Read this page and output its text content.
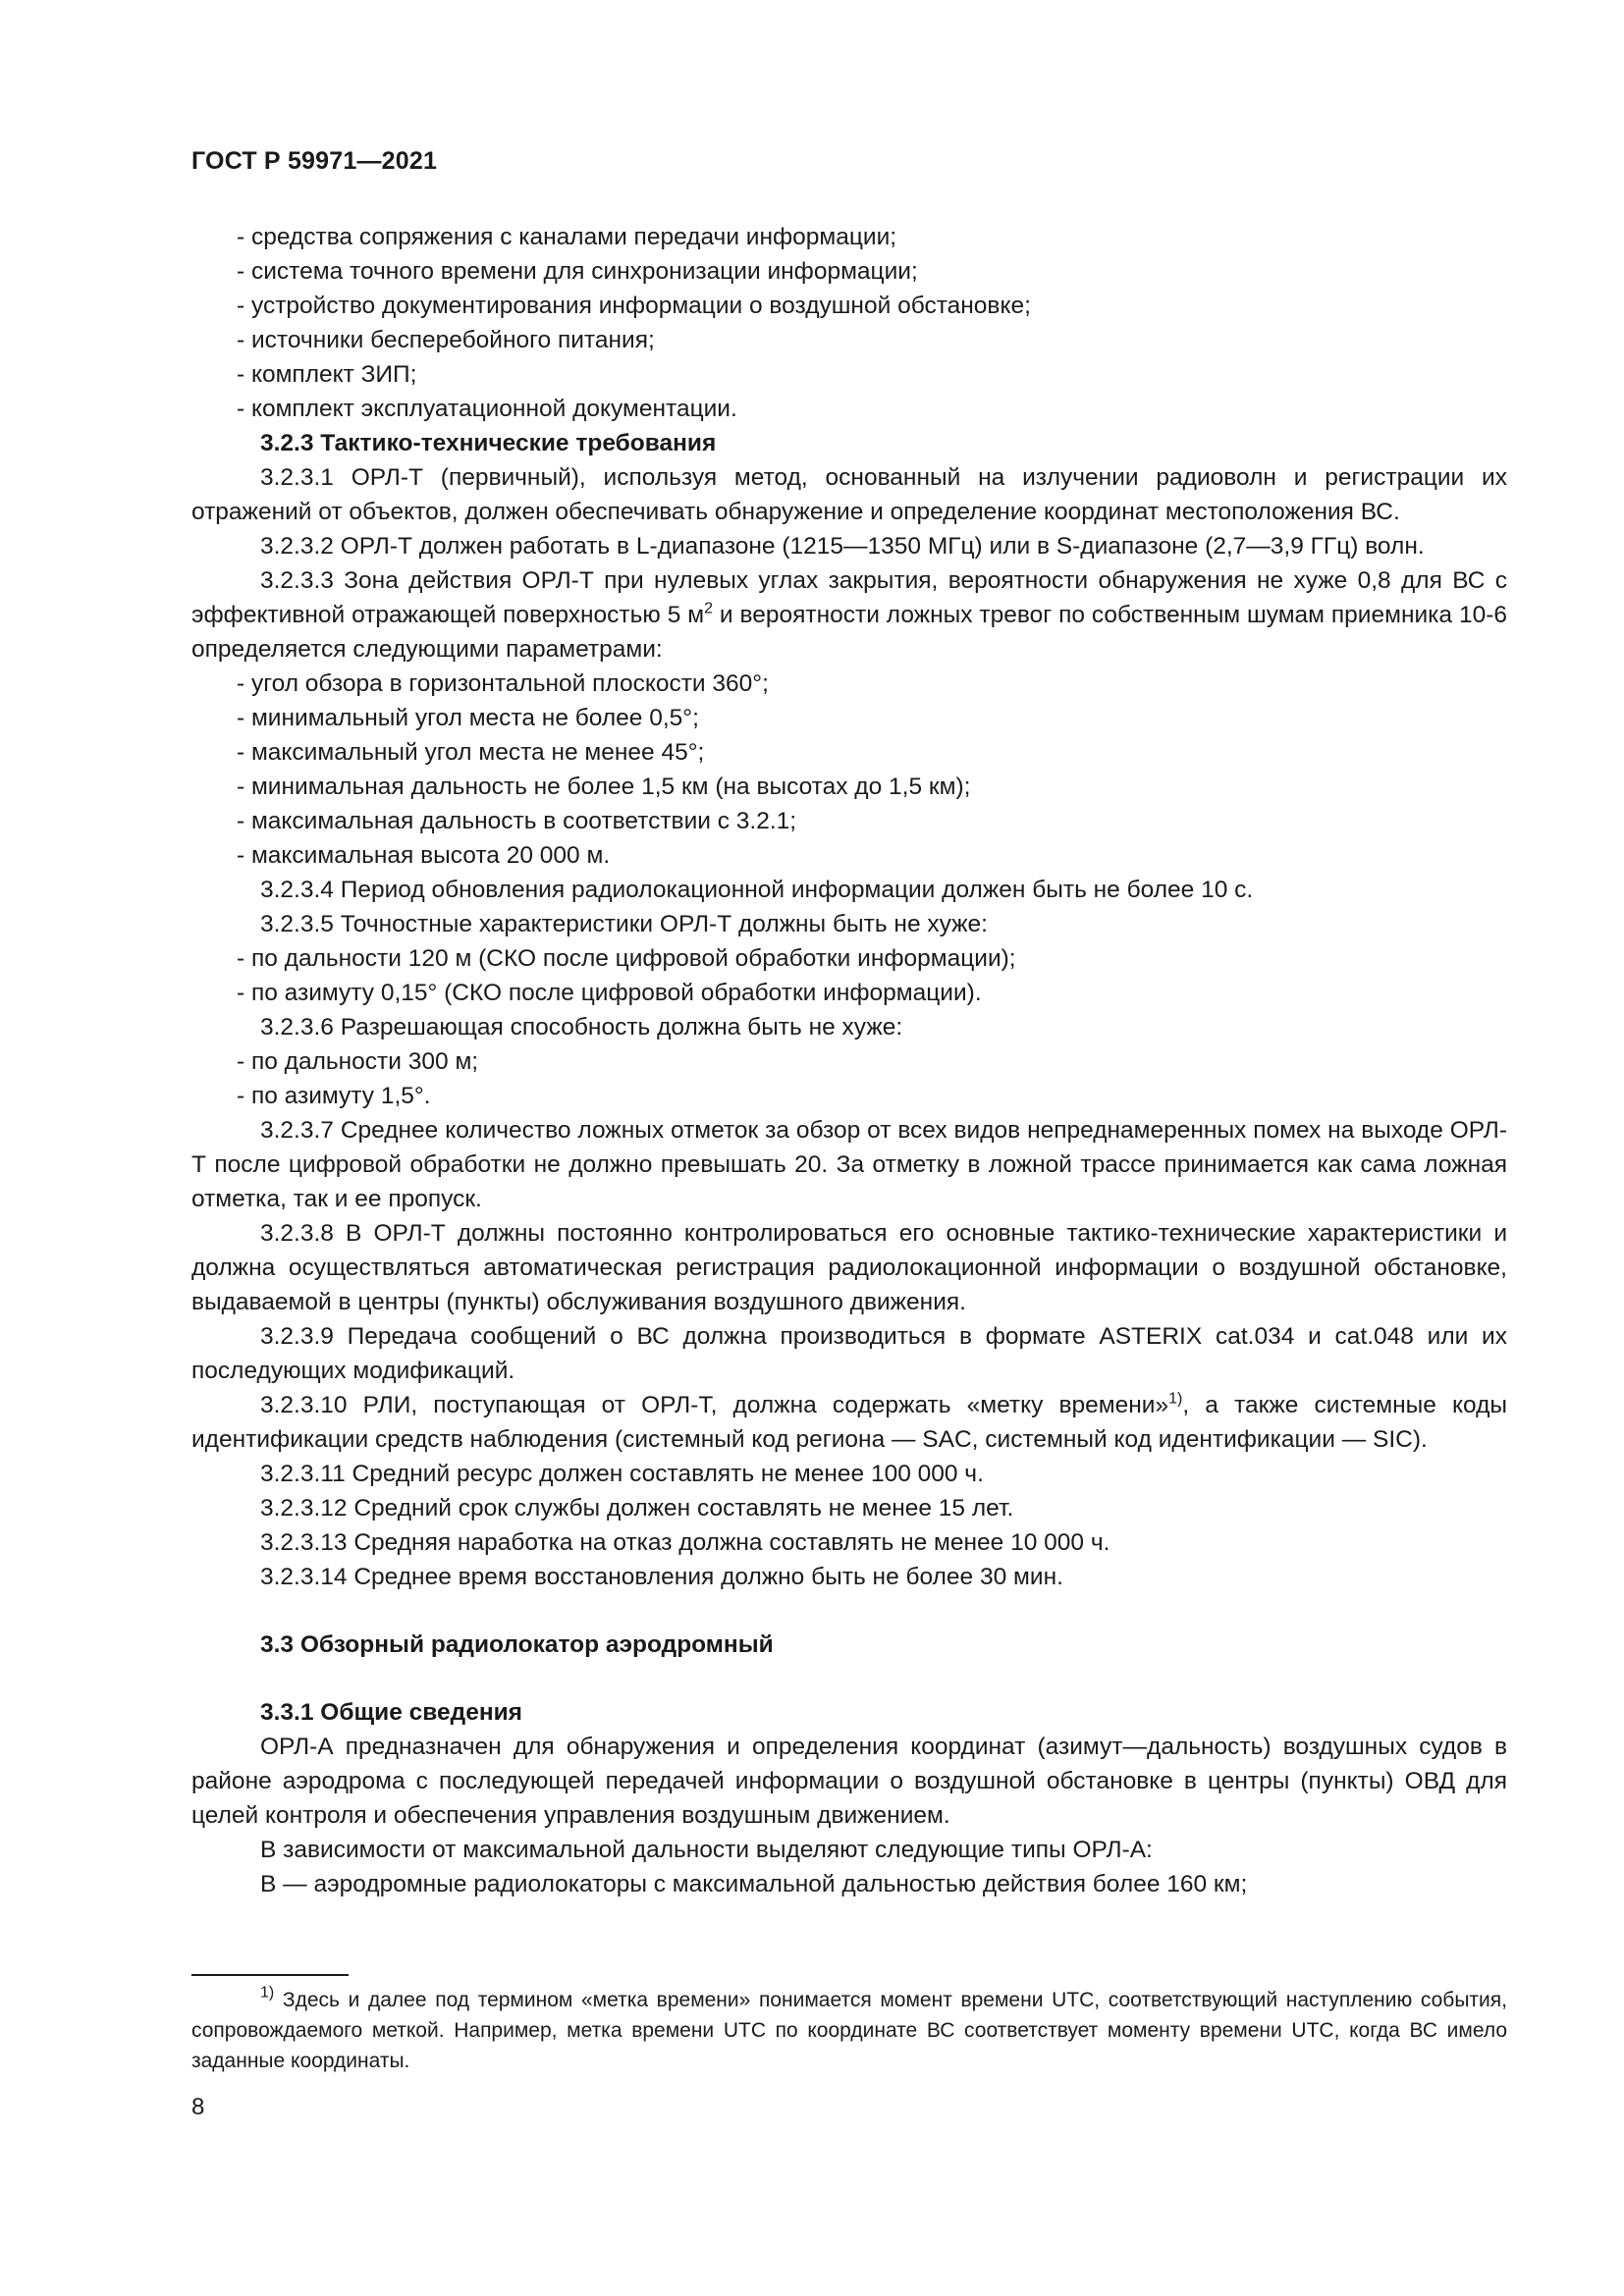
ГОСТ Р 59971—2021

- средства сопряжения с каналами передачи информации;

- система точного времени для синхронизации информации;

- устройство документирования информации о воздушной обстановке;

- источники бесперебойного питания;

- комплект ЗИП;

- комплект эксплуатационной документации.

3.2.3 Тактико-технические требования

3.2.3.1 ОРЛ-Т (первичный), используя метод, основанный на излучении радиоволн и регистрации их отражений от объектов, должен обеспечивать обнаружение и определение координат местоположения ВС.

3.2.3.2 ОРЛ-Т должен работать в L-диапазоне (1215—1350 МГц) или в S-диапазоне (2,7—3,9 ГГц) волн.

3.2.3.3 Зона действия ОРЛ-Т при нулевых углах закрытия, вероятности обнаружения не хуже 0,8 для ВС с эффективной отражающей поверхностью 5 $м^2$ и вероятности ложных тревог по собственным шумам приемника 10-6 определяется следующими параметрами:

- угол обзора в горизонтальной плоскости 360°;

- минимальный угол места не более 0,5°;

- максимальный угол места не менее 45°;

- минимальная дальность не более 1,5 км (на высотах до 1,5 км);

- максимальная дальность в соответствии с 3.2.1;

- максимальная высота 20 000 м.

3.2.3.4 Период обновления радиолокационной информации должен быть не более 10 с.

3.2.3.5 Точностные характеристики ОРЛ-Т должны быть не хуже:

- по дальности 120 м (СКО после цифровой обработки информации);

- по азимуту 0,15° (СКО после цифровой обработки информации).

3.2.3.6 Разрешающая способность должна быть не хуже:

- по дальности 300 м;

- по азимуту 1,5°.

3.2.3.7 Среднее количество ложных отметок за обзор от всех видов непреднамеренных помех на выходе ОРЛ-Т после цифровой обработки не должно превышать 20. За отметку в ложной трассе принимается как сама ложная отметка, так и ее пропуск.

3.2.3.8 В ОРЛ-Т должны постоянно контролироваться его основные тактико-технические характеристики и должна осуществляться автоматическая регистрация радиолокационной информации о воздушной обстановке, выдаваемой в центры (пункты) обслуживания воздушного движения.

3.2.3.9 Передача сообщений о ВС должна производиться в формате ASTERIX cat.034 и cat.048 или их последующих модификаций.

3.2.3.10 РЛИ, поступающая от ОРЛ-Т, должна содержать «метку времени»$^{1)}$, а также системные коды идентификации средств наблюдения (системный код региона — SAC, системный код идентификации — SIC).

3.2.3.11 Средний ресурс должен составлять не менее 100 000 ч.

3.2.3.12 Средний срок службы должен составлять не менее 15 лет.

3.2.3.13 Средняя наработка на отказ должна составлять не менее 10 000 ч.

3.2.3.14 Среднее время восстановления должно быть не более 30 мин.

3.3 Обзорный радиолокатор аэродромный

3.3.1 Общие сведения

ОРЛ-А предназначен для обнаружения и определения координат (азимут—дальность) воздушных судов в районе аэродрома с последующей передачей информации о воздушной обстановке в центры (пункты) ОВД для целей контроля и обеспечения управления воздушным движением.

В зависимости от максимальной дальности выделяют следующие типы ОРЛ-А:

В — аэродромные радиолокаторы с максимальной дальностью действия более 160 км;

$^{1)}$ Здесь и далее под термином «метка времени» понимается момент времени UTC, соответствующий наступлению события, сопровождаемого меткой. Например, метка времени UTC по координате ВС соответствует моменту времени UTC, когда ВС имело заданные координаты.

8
